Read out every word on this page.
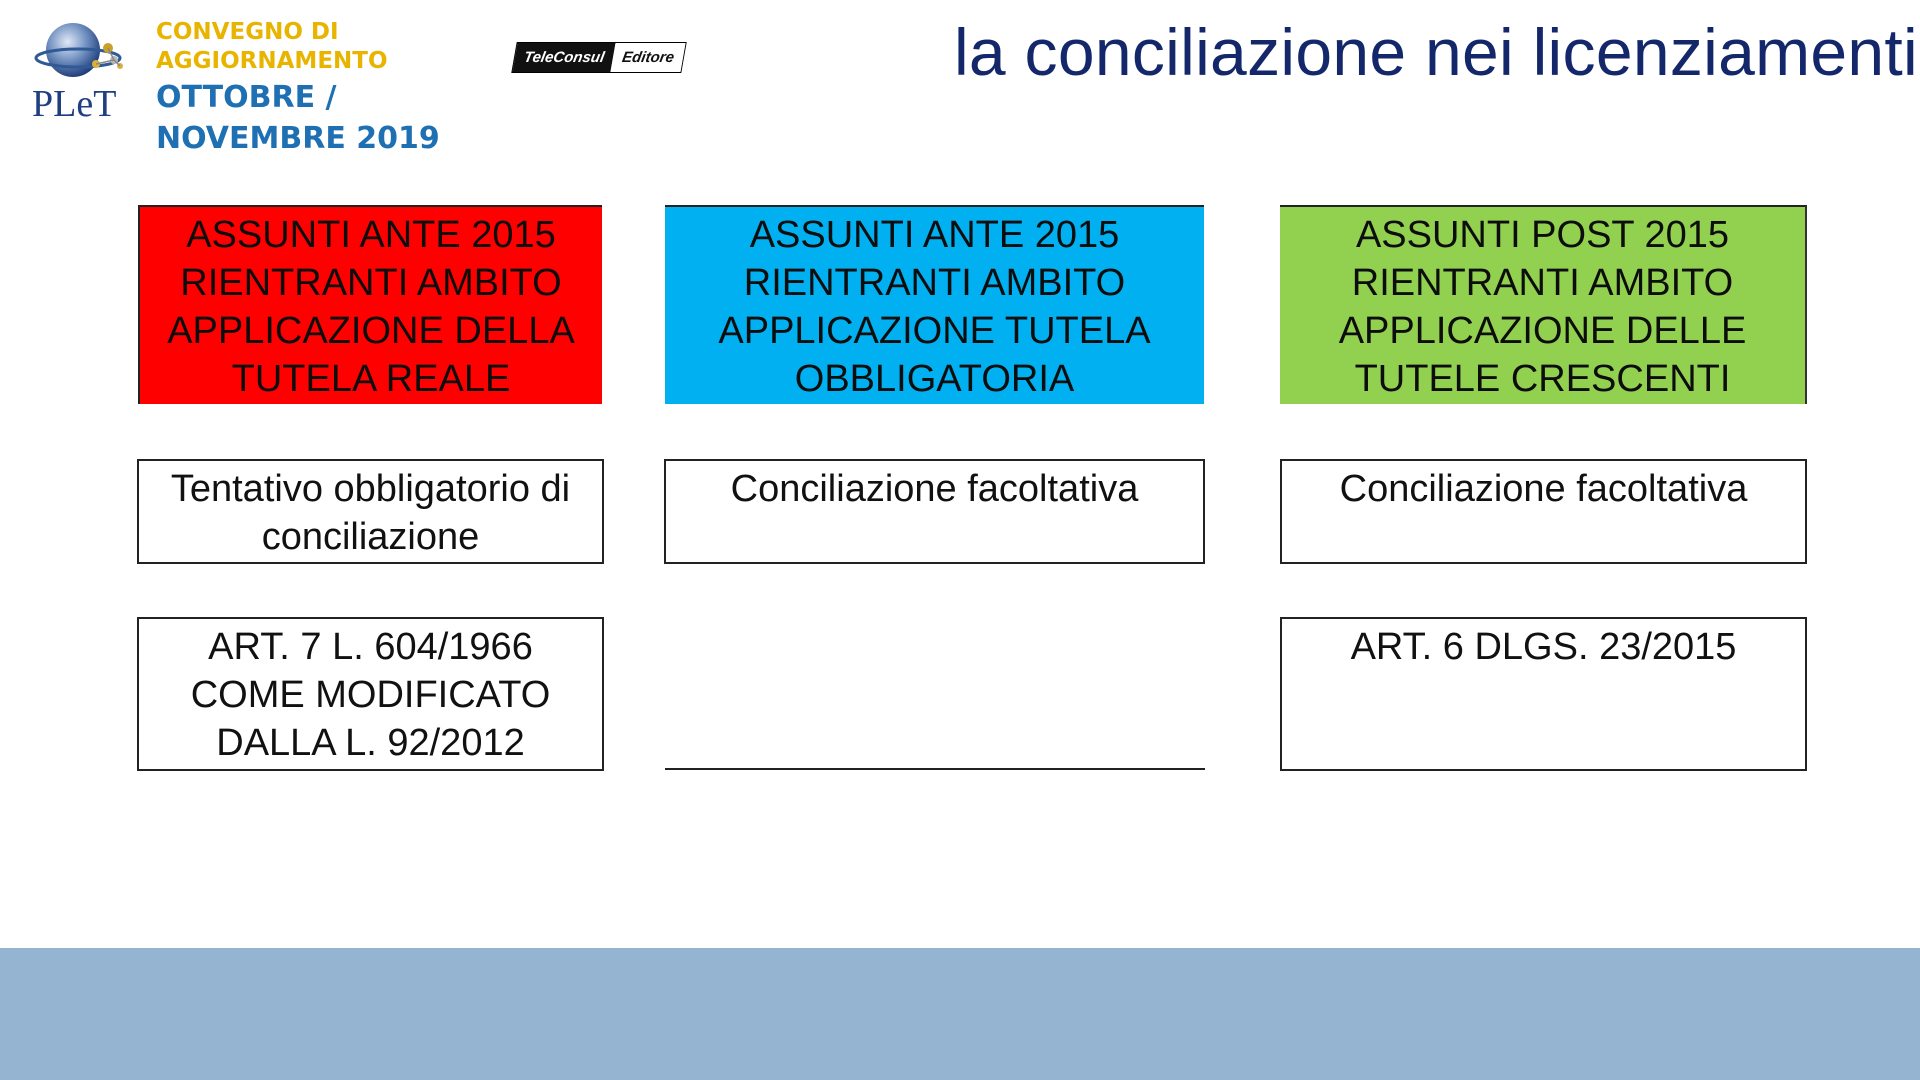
PLeT
CONVEGNO DI
AGGIORNAMENTO
OTTOBRE /
NOVEMBRE 2019
TeleConsul	Editore	la conciliazione nei licenziamenti
ASSUNTI ANTE 2015
RIENTRANTI AMBITO
APPLICAZIONE DELLA
TUTELA REALE
Tentativo obbligatorio di
conciliazione
ART. 7 L. 604/1966
COME MODIFICATO
DALLA L. 92/2012
ASSUNTI ANTE 2015
RIENTRANTI AMBITO
APPLICAZIONE TUTELA
OBBLIGATORIA
Conciliazione facoltativa
ASSUNTI POST 2015
RIENTRANTI AMBITO
APPLICAZIONE DELLE
TUTELE CRESCENTI
Conciliazione facoltativa
ART. 6 DLGS. 23/2015
